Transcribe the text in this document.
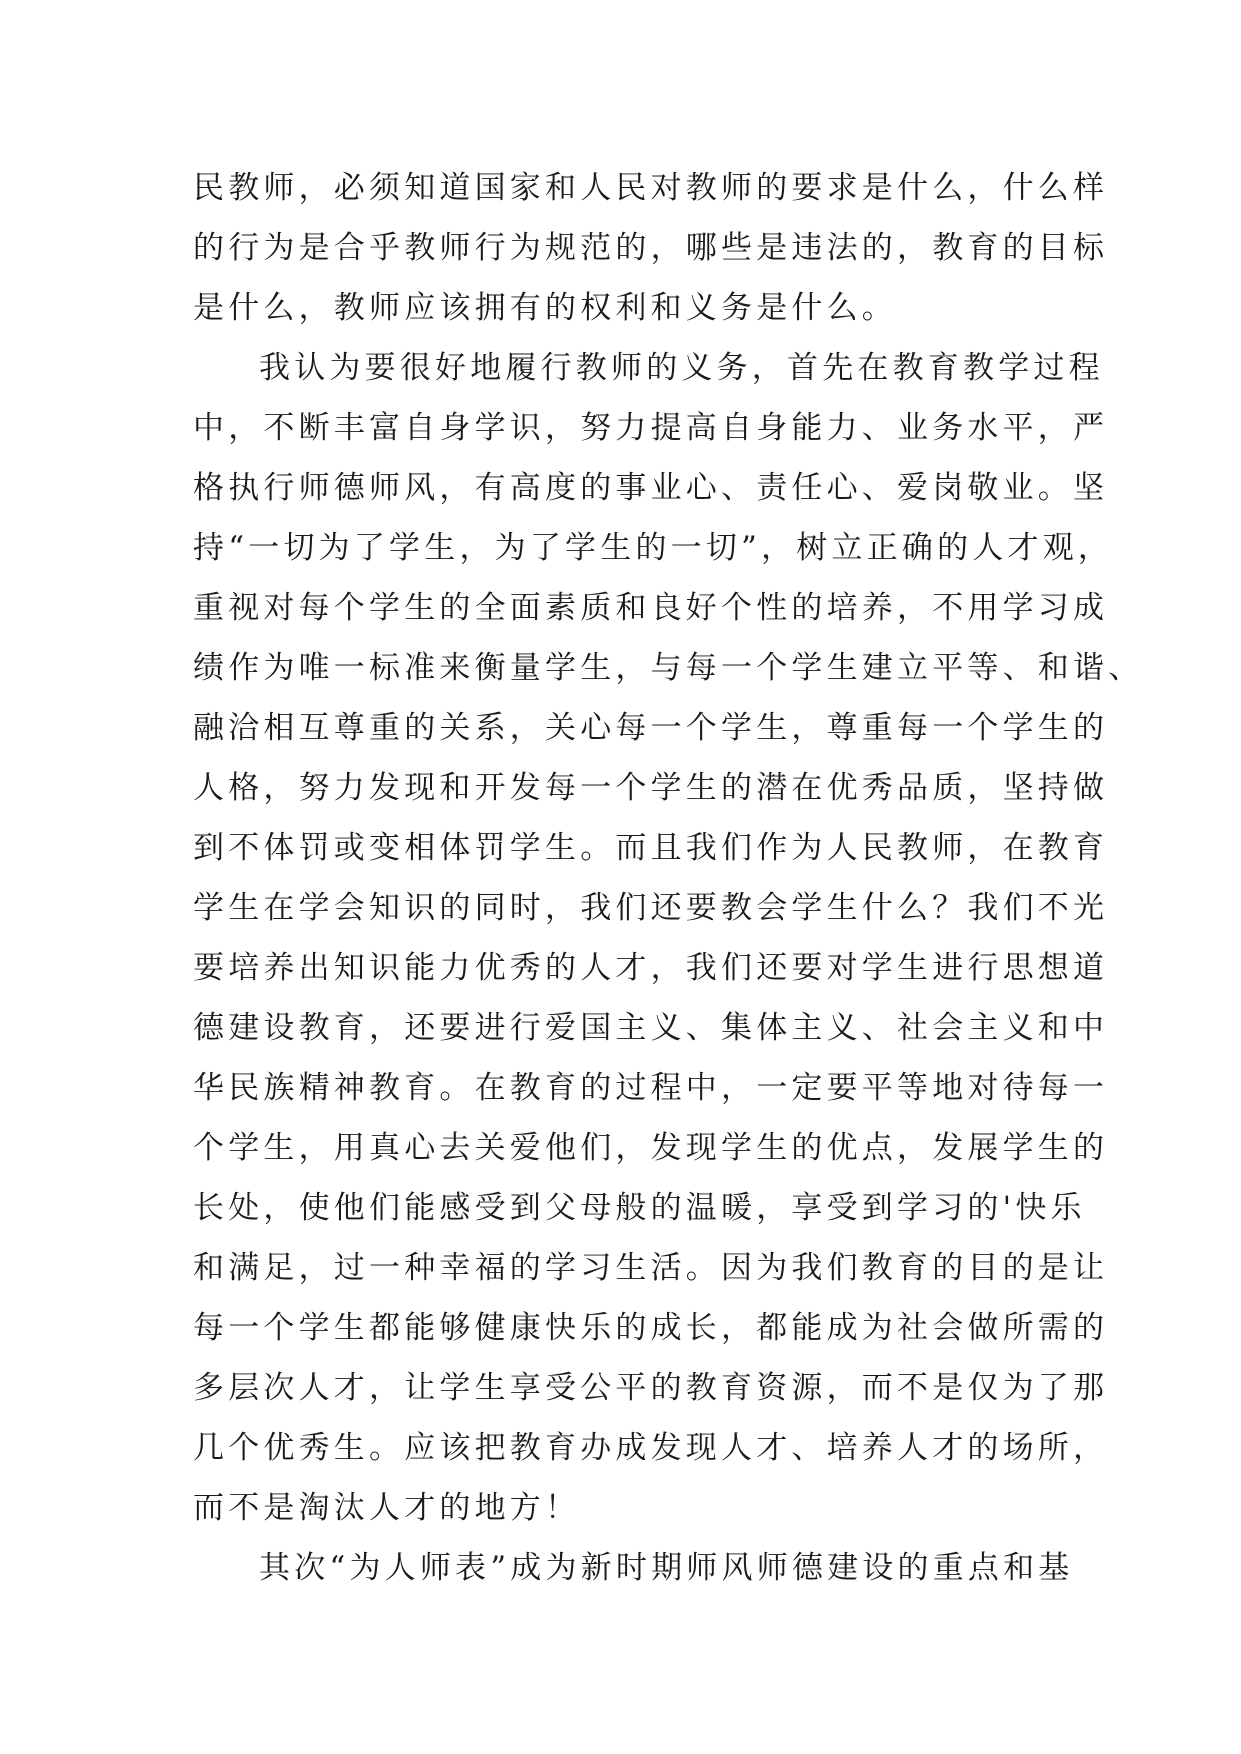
民教师，必须知道国家和人民对教师的要求是什么，什么样
的行为是合乎教师行为规范的，哪些是违法的，教育的目标
是什么，教师应该拥有的权利和义务是什么。
我认为要很好地履行教师的义务，首先在教育教学过程
中，不断丰富自身学识，努力提高自身能力、业务水平，严
格执行师德师风，有高度的事业心、责任心、爱岗敬业。坚
持“一切为了学生，为了学生的一切”，树立正确的人才观，
重视对每个学生的全面素质和良好个性的培养，不用学习成
绩作为唯一标准来衡量学生，与每一个学生建立平等、和谐、
融洽相互尊重的关系，关心每一个学生，尊重每一个学生的
人格，努力发现和开发每一个学生的潜在优秀品质，坚持做
到不体罚或变相体罚学生。而且我们作为人民教师，在教育
学生在学会知识的同时，我们还要教会学生什么？我们不光
要培养出知识能力优秀的人才，我们还要对学生进行思想道
德建设教育，还要进行爱国主义、集体主义、社会主义和中
华民族精神教育。在教育的过程中，一定要平等地对待每一
个学生，用真心去关爱他们，发现学生的优点，发展学生的
长处，使他们能感受到父母般的温暖，享受到学习的'快乐
和满足，过一种幸福的学习生活。因为我们教育的目的是让
每一个学生都能够健康快乐的成长，都能成为社会做所需的
多层次人才，让学生享受公平的教育资源，而不是仅为了那
几个优秀生。应该把教育办成发现人才、培养人才的场所，
而不是淘汰人才的地方！
其次“为人师表”成为新时期师风师德建设的重点和基
